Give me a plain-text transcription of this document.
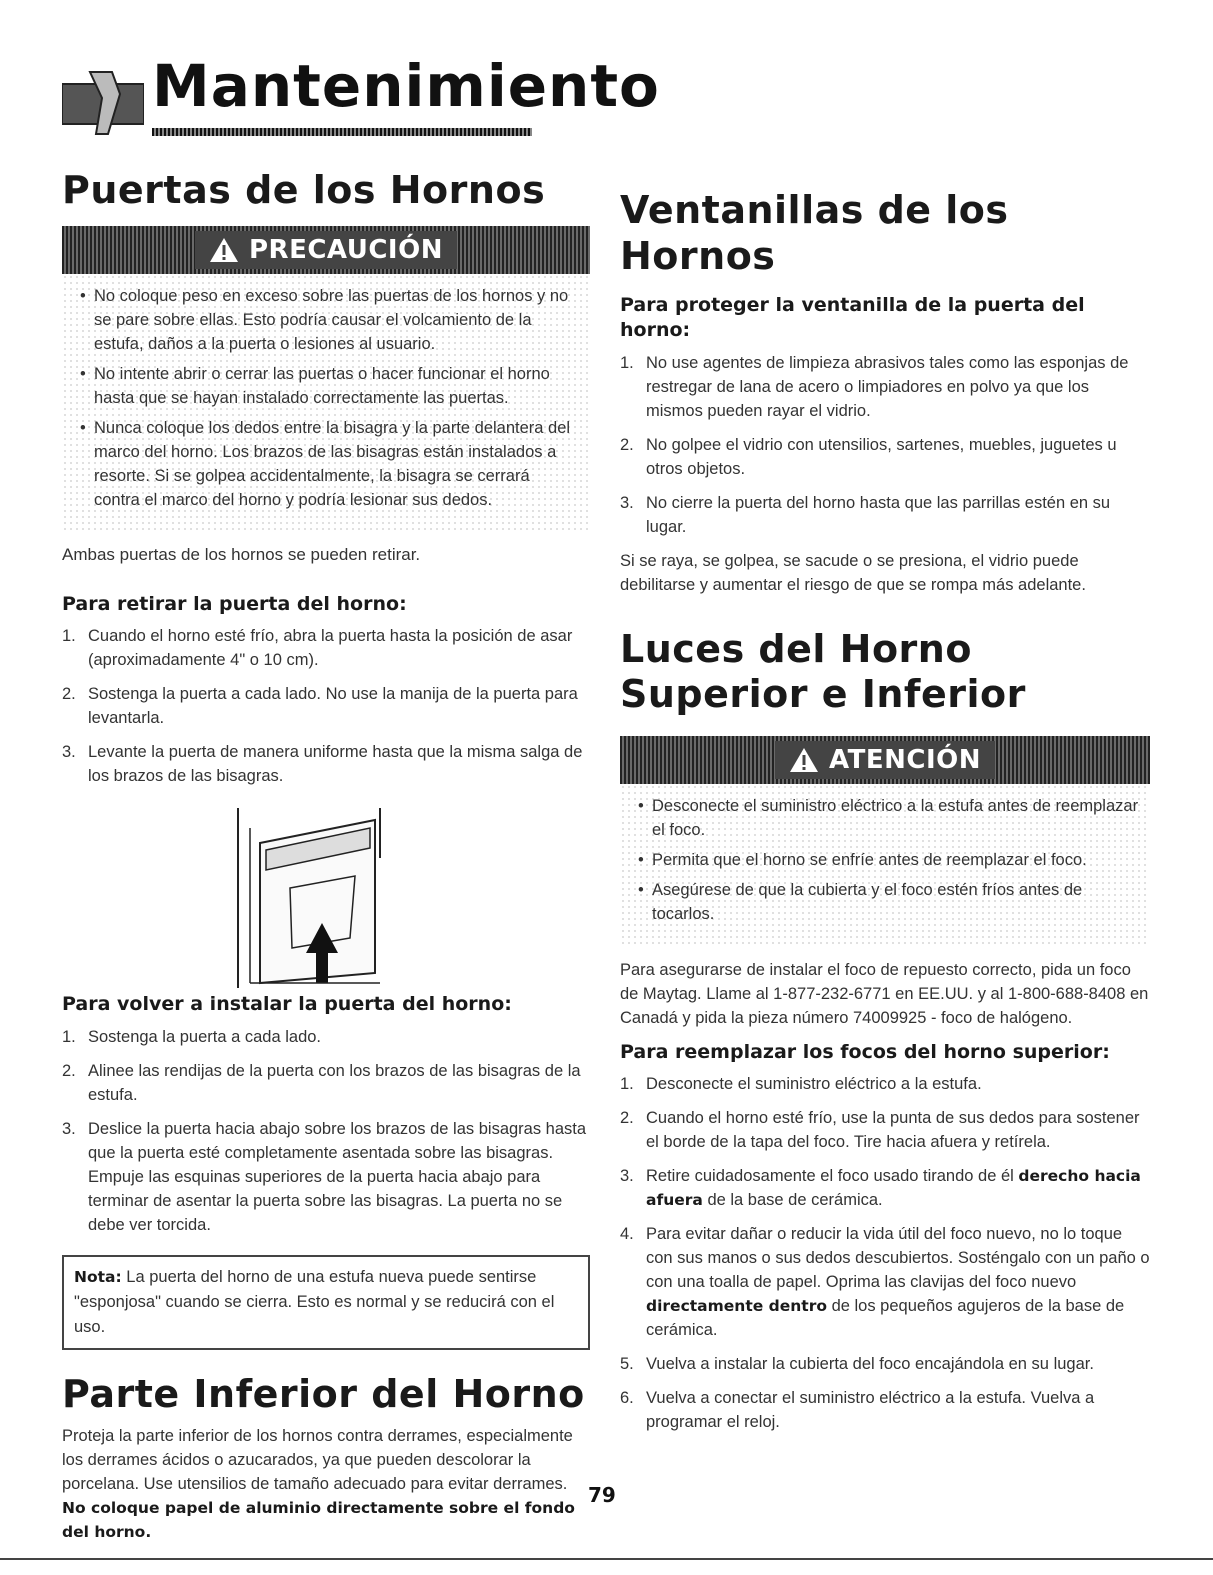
Mantenimiento
Puertas de los Hornos
PRECAUCIÓN
• No coloque peso en exceso sobre las puertas de los hornos y no se pare sobre ellas. Esto podría causar el volcamiento de la estufa, daños a la puerta o lesiones al usuario.
• No intente abrir o cerrar las puertas o hacer funcionar el horno hasta que se hayan instalado correctamente las puertas.
• Nunca coloque los dedos entre la bisagra y la parte delantera del marco del horno. Los brazos de las bisagras están instalados a resorte. Si se golpea accidentalmente, la bisagra se cerrará contra el marco del horno y podría lesionar sus dedos.

Ambas puertas de los hornos se pueden retirar.

Para retirar la puerta del horno:
1. Cuando el horno esté frío, abra la puerta hasta la posición de asar (aproximadamente 4" o 10 cm).
2. Sostenga la puerta a cada lado. No use la manija de la puerta para levantarla.
3. Levante la puerta de manera uniforme hasta que la misma salga de los brazos de las bisagras.
Para volver a instalar la puerta del horno:
1. Sostenga la puerta a cada lado.
2. Alinee las rendijas de la puerta con los brazos de las bisagras de la estufa.
3. Deslice la puerta hacia abajo sobre los brazos de las bisagras hasta que la puerta esté completamente asentada sobre las bisagras. Empuje las esquinas superiores de la puerta hacia abajo para terminar de asentar la puerta sobre las bisagras. La puerta no se debe ver torcida.
Nota: La puerta del horno de una estufa nueva puede sentirse "esponjosa" cuando se cierra. Esto es normal y se reducirá con el uso.
Parte Inferior del Horno

Proteja la parte inferior de los hornos contra derrames, especialmente los derrames ácidos o azucarados, ya que pueden descolorar la porcelana. Use utensilios de tamaño adecuado para evitar derrames. No coloque papel de aluminio directamente sobre el fondo del horno.

Ventanillas de los Hornos
Para proteger la ventanilla de la puerta del horno:
1. No use agentes de limpieza abrasivos tales como las esponjas de restregar de lana de acero o limpiadores en polvo ya que los mismos pueden rayar el vidrio.
2. No golpee el vidrio con utensilios, sartenes, muebles, juguetes u otros objetos.
3. No cierre la puerta del horno hasta que las parrillas estén en su lugar.

Si se raya, se golpea, se sacude o se presiona, el vidrio puede debilitarse y aumentar el riesgo de que se rompa más adelante.

Luces del Horno Superior e Inferior
ATENCIÓN
• Desconecte el suministro eléctrico a la estufa antes de reemplazar el foco.
• Permita que el horno se enfríe antes de reemplazar el foco.
• Asegúrese de que la cubierta y el foco estén fríos antes de tocarlos.

Para asegurarse de instalar el foco de repuesto correcto, pida un foco de Maytag. Llame al 1-877-232-6771 en EE.UU. y al 1-800-688-8408 en Canadá y pida la pieza número 74009925 - foco de halógeno.

Para reemplazar los focos del horno superior:
1. Desconecte el suministro eléctrico a la estufa.
2. Cuando el horno esté frío, use la punta de sus dedos para sostener el borde de la tapa del foco. Tire hacia afuera y retírela.
3. Retire cuidadosamente el foco usado tirando de él derecho hacia afuera de la base de cerámica.
4. Para evitar dañar o reducir la vida útil del foco nuevo, no lo toque con sus manos o sus dedos descubiertos. Sosténgalo con un paño o con una toalla de papel. Oprima las clavijas del foco nuevo directamente dentro de los pequeños agujeros de la base de cerámica.
5. Vuelva a instalar la cubierta del foco encajándola en su lugar.
6. Vuelva a conectar el suministro eléctrico a la estufa. Vuelva a programar el reloj.
79
